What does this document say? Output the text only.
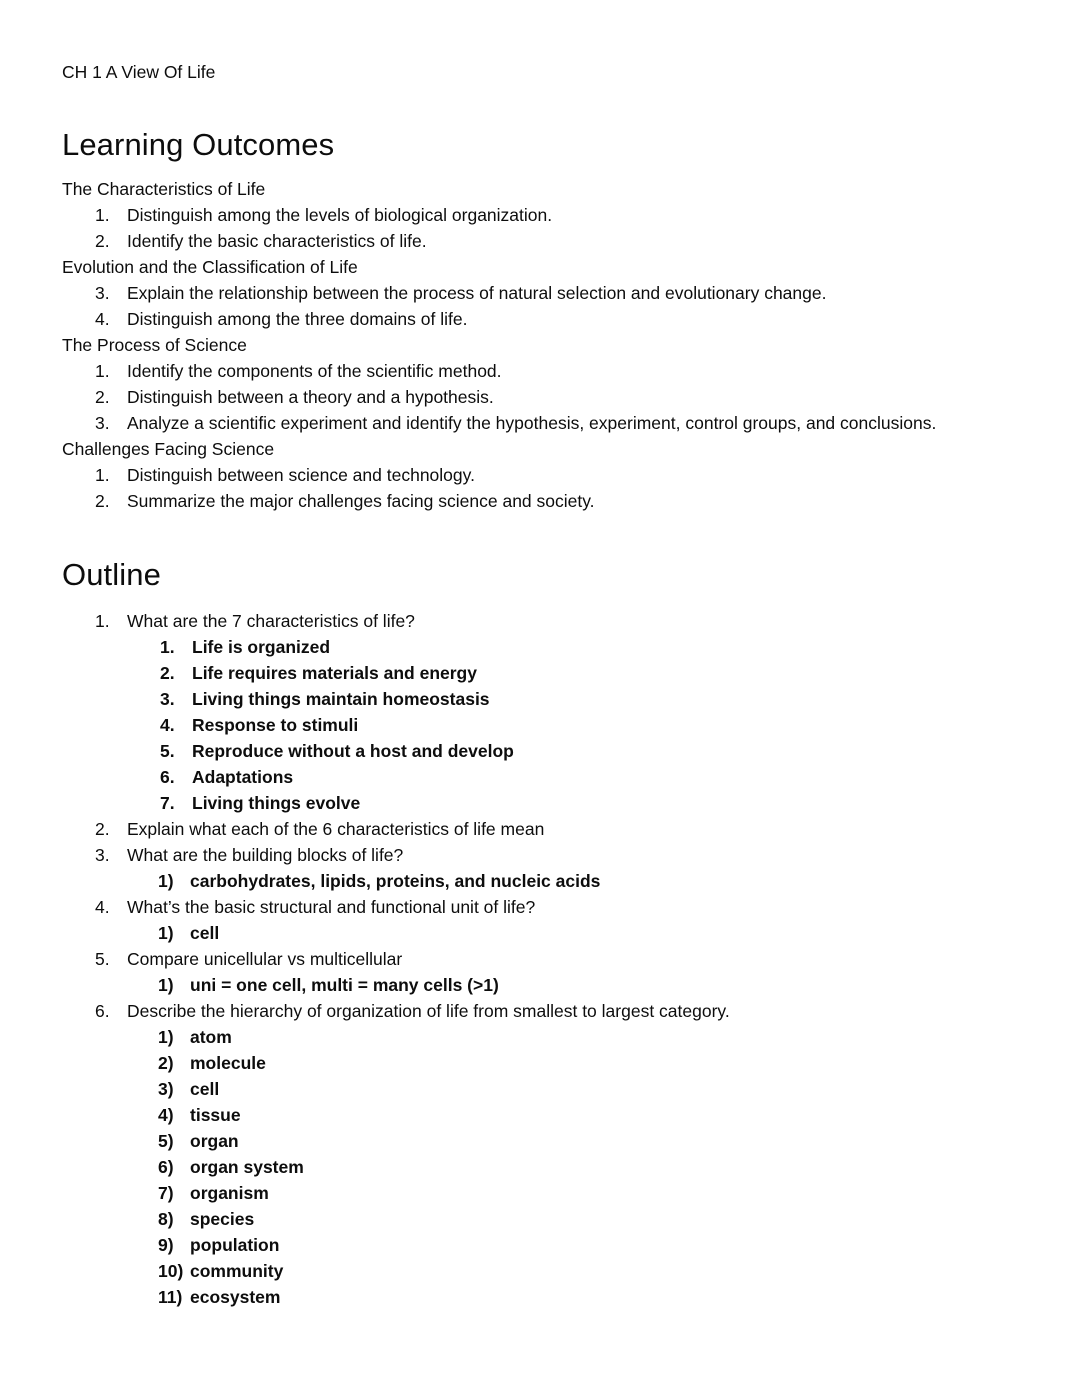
CH 1 A View Of Life
Learning Outcomes
The Characteristics of Life
1. Distinguish among the levels of biological organization.
2. Identify the basic characteristics of life.
Evolution and the Classification of Life
3. Explain the relationship between the process of natural selection and evolutionary change.
4. Distinguish among the three domains of life.
The Process of Science
1. Identify the components of the scientific method.
2. Distinguish between a theory and a hypothesis.
3. Analyze a scientific experiment and identify the hypothesis, experiment, control groups, and conclusions.
Challenges Facing Science
1. Distinguish between science and technology.
2. Summarize the major challenges facing science and society.
Outline
1. What are the 7 characteristics of life?
1. Life is organized
2. Life requires materials and energy
3. Living things maintain homeostasis
4. Response to stimuli
5. Reproduce without a host and develop
6. Adaptations
7. Living things evolve
2. Explain what each of the 6 characteristics of life mean
3. What are the building blocks of life?
1) carbohydrates, lipids, proteins, and nucleic acids
4. What’s the basic structural and functional unit of life?
1) cell
5. Compare unicellular vs multicellular
1) uni = one cell, multi = many cells (>1)
6. Describe the hierarchy of organization of life from smallest to largest category.
1) atom
2) molecule
3) cell
4) tissue
5) organ
6) organ system
7) organism
8) species
9) population
10) community
11) ecosystem
